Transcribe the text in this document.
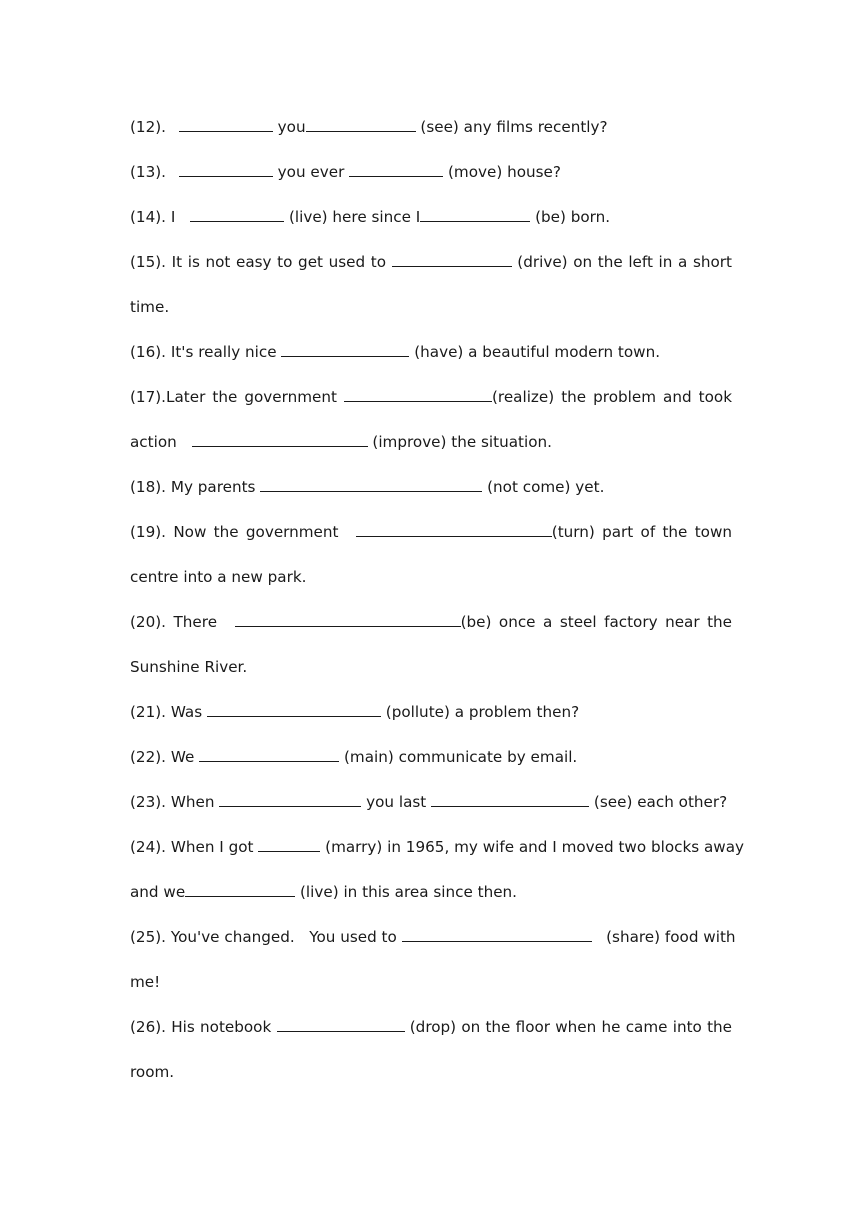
(12).	you	(see) any films recently?
(13).	you ever	(move) house?
(14). I	(live) here since I	(be) born.
(15). It is not easy to get used to	(drive) on the left in a short
time.
(16). It's really nice	(have) a beautiful modern town.
(17).Later the government	(realize) the problem and took
action	(improve) the situation.
(18). My parents	(not come) yet.
(19). Now the government	(turn) part of the town
centre into a new park.
(20). There	(be) once a steel factory near the
Sunshine River.
(21). Was	(pollute) a problem then?
(22). We	(main) communicate by email.
(23). When	you last	(see) each other?
(24). When I got	(marry) in 1965, my wife and I moved two blocks away
and we	(live) in this area since then.
(25). You've changed.   You used to	(share) food with
me!
(26). His notebook	(drop) on the floor when he came into the
room.
